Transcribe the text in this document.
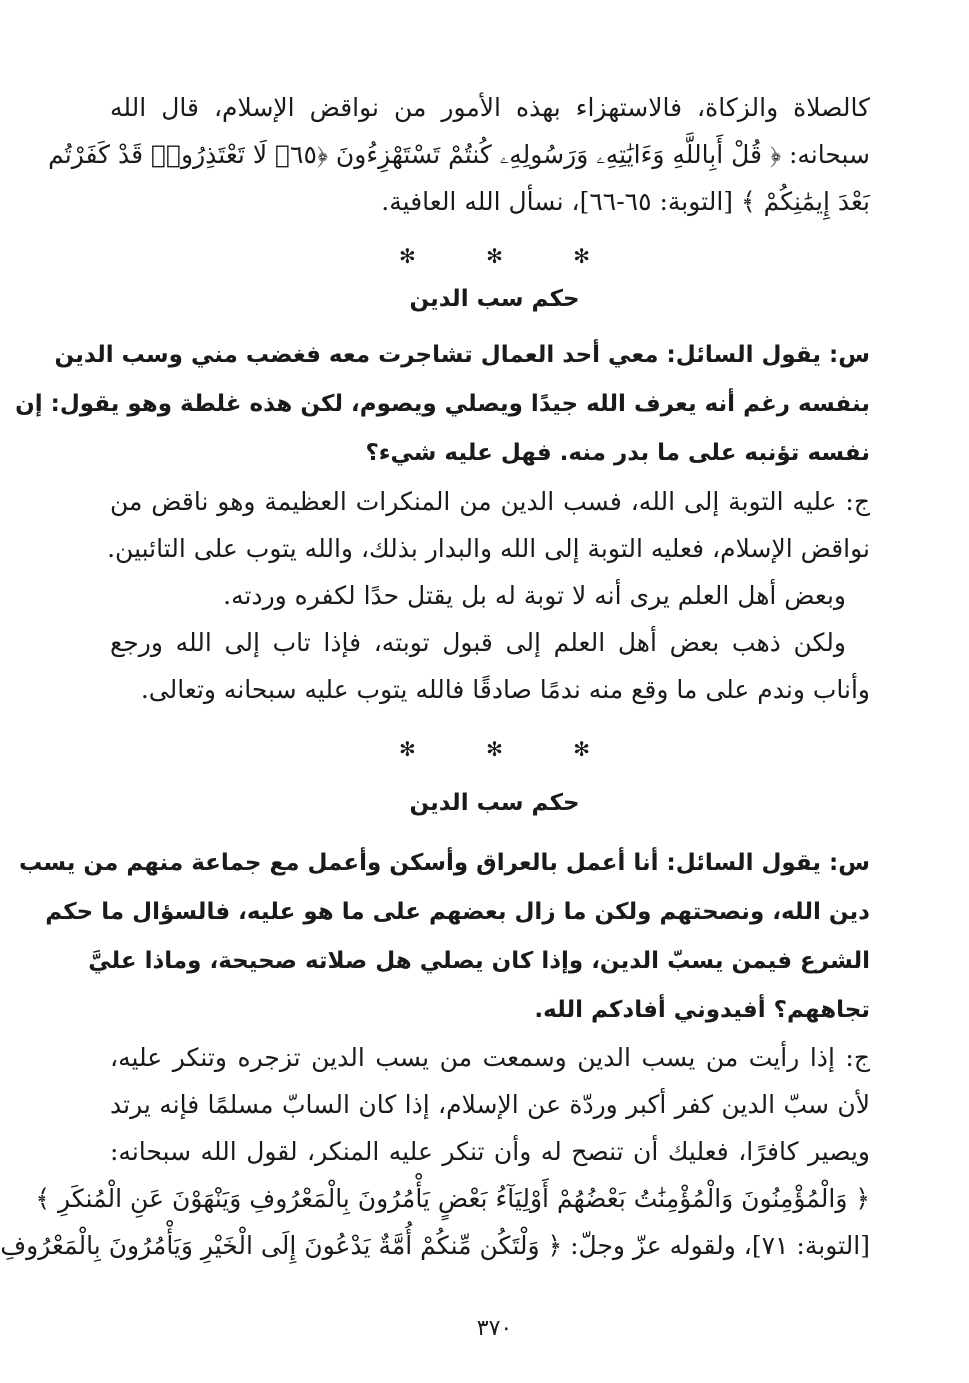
كالصلاة والزكاة، فالاستهزاء بهذه الأمور من نواقض الإسلام، قال الله
سبحانه: ﴿ قُلْ أَبِاللَّهِ وَءَايَٰتِهِۦ وَرَسُولِهِۦ كُنتُمْ تَسْتَهْزِءُونَ ﴿٦٥﴾ لَا تَعْتَذِرُوا۟ قَدْ كَفَرْتُم
بَعْدَ إِيمَٰنِكُمْ ﴾ [التوبة: ٦٥-٦٦]، نسأل الله العافية.
✻ ✻ ✻
حكم سب الدين
س: يقول السائل: معي أحد العمال تشاجرت معه فغضب مني وسب الدين
بنفسه رغم أنه يعرف الله جيدًا ويصلي ويصوم، لكن هذه غلطة وهو يقول: إن
نفسه تؤنبه على ما بدر منه. فهل عليه شيء؟
ج: عليه التوبة إلى الله، فسب الدين من المنكرات العظيمة وهو ناقض من
نواقض الإسلام، فعليه التوبة إلى الله والبدار بذلك، والله يتوب على التائبين.
وبعض أهل العلم يرى أنه لا توبة له بل يقتل حدًا لكفره وردته.
ولكن ذهب بعض أهل العلم إلى قبول توبته، فإذا تاب إلى الله ورجع
وأناب وندم على ما وقع منه ندمًا صادقًا فالله يتوب عليه سبحانه وتعالى.
✻ ✻ ✻
حكم سب الدين
س: يقول السائل: أنا أعمل بالعراق وأسكن وأعمل مع جماعة منهم من يسب
دين الله، ونصحتهم ولكن ما زال بعضهم على ما هو عليه، فالسؤال ما حكم
الشرع فيمن يسبّ الدين، وإذا كان يصلي هل صلاته صحيحة، وماذا عليَّ
تجاههم؟ أفيدوني أفادكم الله.
ج: إذا رأيت من يسب الدين وسمعت من يسب الدين تزجره وتنكر عليه،
لأن سبّ الدين كفر أكبر وردّة عن الإسلام، إذا كان السابّ مسلمًا فإنه يرتد
ويصير كافرًا، فعليك أن تنصح له وأن تنكر عليه المنكر، لقول الله سبحانه:
﴿ وَالْمُؤْمِنُونَ وَالْمُؤْمِنَٰتُ بَعْضُهُمْ أَوْلِيَآءُ بَعْضٍ يَأْمُرُونَ بِالْمَعْرُوفِ وَيَنْهَوْنَ عَنِ الْمُنكَرِ ﴾
[التوبة: ٧١]، ولقوله عزّ وجلّ: ﴿ وَلْتَكُن مِّنكُمْ أُمَّةٌ يَدْعُونَ إِلَى الْخَيْرِ وَيَأْمُرُونَ بِالْمَعْرُوفِ
٣٧٠
